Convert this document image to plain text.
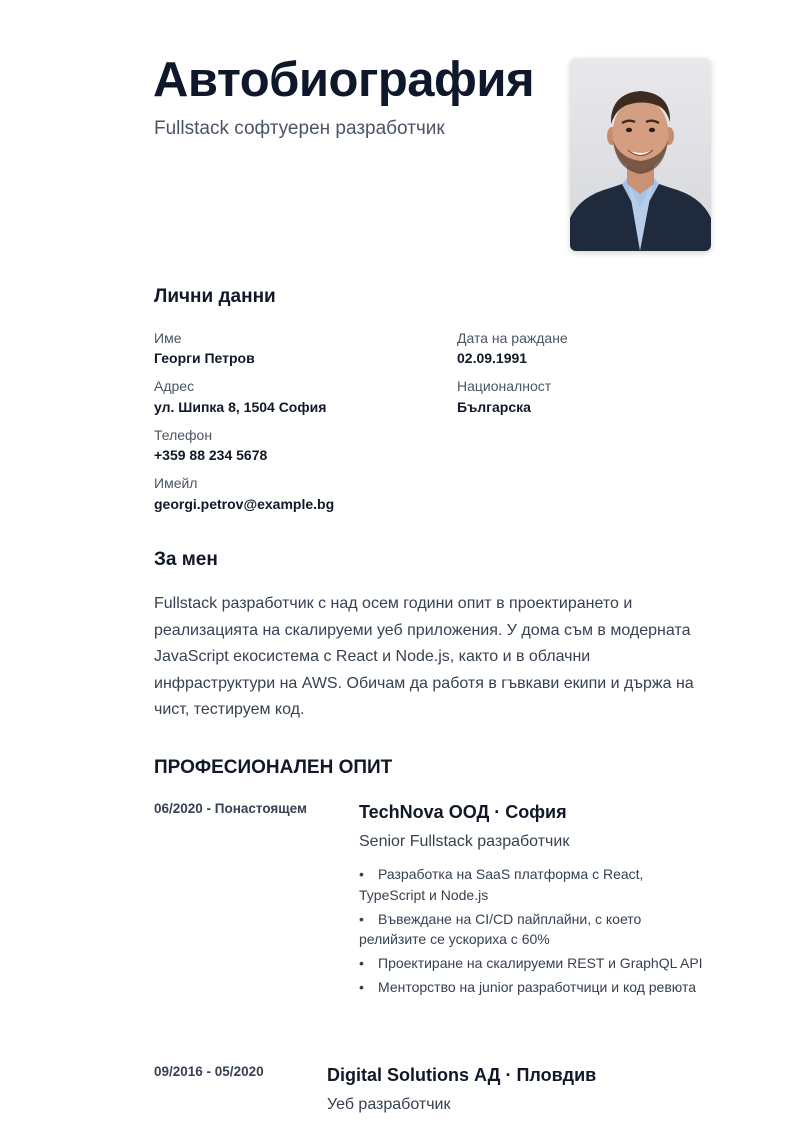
Автобиография
Fullstack софтуерен разработчик
Лични данни
Име
Георги Петров
Адрес
ул. Шипка 8, 1504 София
Телефон
+359 88 234 5678
Имейл
georgi.petrov@example.bg
Дата на раждане
02.09.1991
Националност
Българска
За мен

Fullstack разработчик с над осем години опит в проектирането и реализацията на скалируеми уеб приложения. У дома съм в модерната JavaScript екосистема с React и Node.js, както и в облачни инфраструктури на AWS. Обичам да работя в гъвкави екипи и държа на чист, тестируем код.

ПРОФЕСИОНАЛЕН ОПИТ
06/2020 - Понастоящем	TechNova ООД · София
Senior Fullstack разработчик
• Разработка на SaaS платформа с React, TypeScript и Node.js
• Въвеждане на CI/CD пайплайни, с което релийзите се ускориха с 60%
• Проектиране на скалируеми REST и GraphQL API
• Менторство на junior разработчици и код ревюта
09/2016 - 05/2020	Digital Solutions АД · Пловдив
Уеб разработчик
